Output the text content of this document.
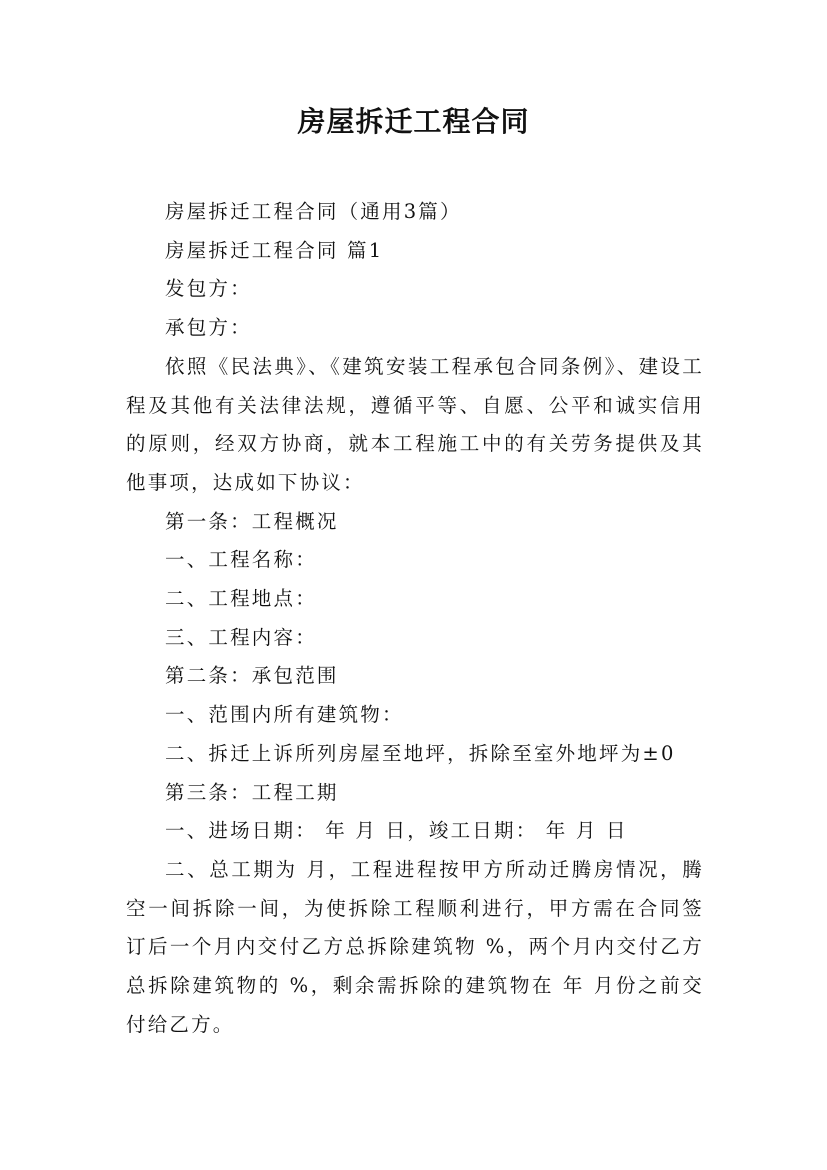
房屋拆迁工程合同

房屋拆迁工程合同（通用3篇）

房屋拆迁工程合同 篇1

发包方：

承包方：

依照《民法典》、《建筑安装工程承包合同条例》、建设工程及其他有关法律法规，遵循平等、自愿、公平和诚实信用的原则，经双方协商，就本工程施工中的有关劳务提供及其他事项，达成如下协议：

第一条：工程概况

一、工程名称：

二、工程地点：

三、工程内容：

第二条：承包范围

一、范围内所有建筑物：

二、拆迁上诉所列房屋至地坪，拆除至室外地坪为±0

第三条：工程工期

一、进场日期： 年 月 日，竣工日期： 年 月 日

二、总工期为 月，工程进程按甲方所动迁腾房情况，腾空一间拆除一间，为使拆除工程顺利进行，甲方需在合同签订后一个月内交付乙方总拆除建筑物 %，两个月内交付乙方总拆除建筑物的 %，剩余需拆除的建筑物在 年 月份之前交付给乙方。
